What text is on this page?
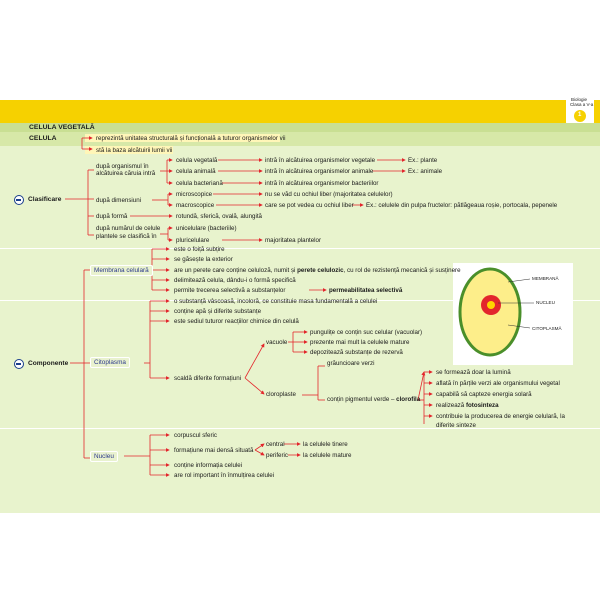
Biologie
Clasa a V-a
1
CELULA VEGETALĂ
CELULA	reprezintă unitatea structurală și funcțională a tuturor organismelor vii
stă la baza alcătuirii lumii vii
Clasificare
după organismul în
alcătuirea căruia intră
celula vegetală	intră în alcătuirea organismelor vegetale	Ex.: plante
celula animală	intră în alcătuirea organismelor animale	Ex.: animale
celula bacteriană	intră în alcătuirea organismelor bacteriilor
după dimensiuni
microscopice	nu se văd cu ochiul liber (majoritatea celulelor)
macroscopice	care se pot vedea cu ochiul liber Ex.: celulele din pulpa fructelor: pătlăgeaua roșie, portocala, pepenele
după formă	rotundă, sferică, ovală, alungită
după numărul de celule
plantele se clasifică în
unicelulare (bacteriile)
pluricelulare	majoritatea plantelor
Componente
Membrana celulară
este o foiță subțire
se găsește la exterior
are un perete care conține celuloză, numit și perete celulozic, cu rol de rezistență mecanică și susținere
delimitează celula, dându-i o formă specifică
permite trecerea selectivă a substanțelor	permeabilitatea selectivă
Citoplasma
o substanță vâscoasă, incoloră, ce constituie masa fundamentală a celulei
conține apă și diferite substanțe
este sediul tuturor reacțiilor chimice din celulă
scaldă diferite formațiuni
vacuole
pungulițe ce conțin suc celular (vacuolar)
prezente mai mult la celulele mature
depozitează substanțe de rezervă
grăuncioare verzi
cloroplaste
conțin pigmentul verde – clorofila
se formează doar la lumină
aflată în părțile verzi ale organismului vegetal
capabilă să capteze energia solară
realizează fotosinteza
contribuie la producerea de energie celulară, la
diferite sinteze
Nucleu
corpuscul sferic
formațiune mai densă situată
central	la celulele tinere
periferic la celulele mature
conține informația celulei
are rol important în înmulțirea celulei
MEMBRANĂ
NUCLEU
CITOPLASMĂ
